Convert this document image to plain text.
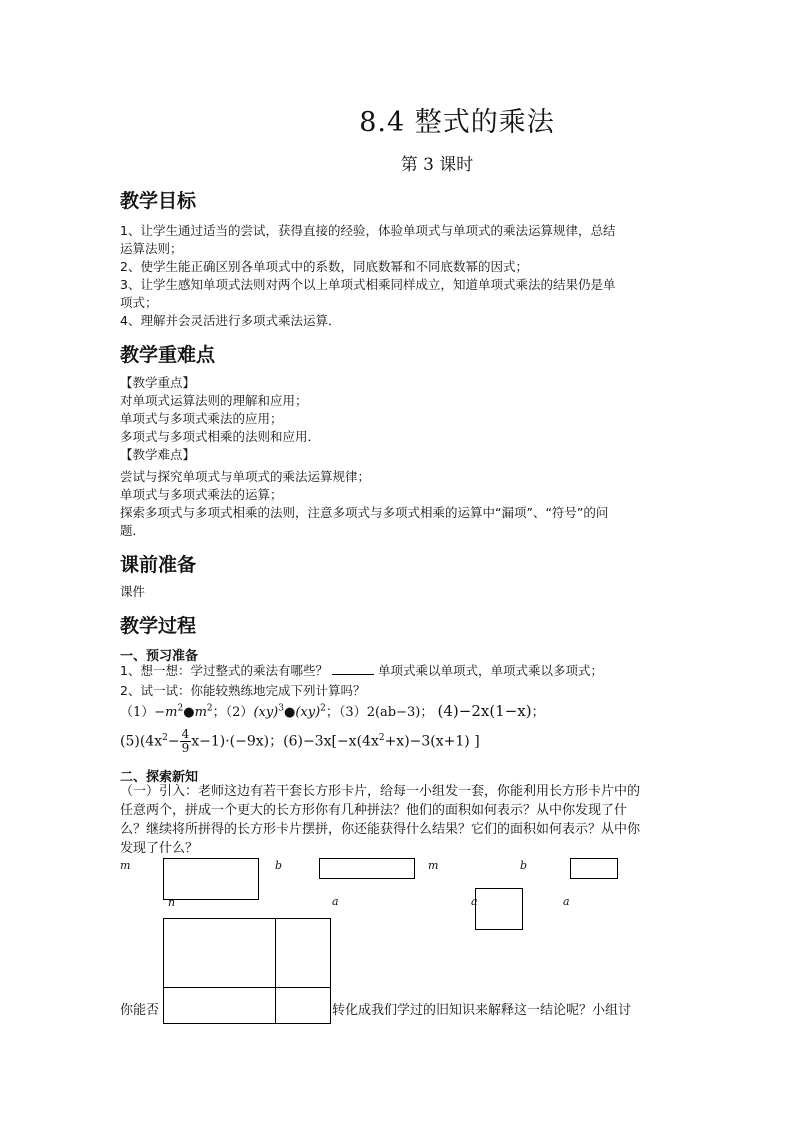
8.4 整式的乘法
第 3 课时
教学目标
1、让学生通过适当的尝试，获得直接的经验，体验单项式与单项式的乘法运算规律，总结
运算法则；
2、使学生能正确区别各单项式中的系数，同底数幂和不同底数幂的因式；
3、让学生感知单项式法则对两个以上单项式相乘同样成立，知道单项式乘法的结果仍是单
项式；
4、理解并会灵活进行多项式乘法运算．
教学重难点
【教学重点】
对单项式运算法则的理解和应用；
单项式与多项式乘法的应用；
多项式与多项式相乘的法则和应用．
【教学难点】
尝试与探究单项式与单项式的乘法运算规律；
单项式与多项式乘法的运算；
探索多项式与多项式相乘的法则，注意多项式与多项式相乘的运算中“漏项”、“符号”的问
题．
课前准备
课件
教学过程
一、预习准备
1、想一想：学过整式的乘法有哪些？	单项式乘以单项式，单项式乘以多项式；
2、试一试：你能较熟练地完成下列计算吗？
$(1)-m^2●m^2$；（2）(xy)$^3$●(xy)$^2$；（3）2(ab−3)； (4)−2x(1−x)；
$(5)(4x^2- \frac{4}{9} x-1)\cdot(-9x)$；$(6)-3x[-x(4x^2+x)-3(x+1)$ ]
二、探索新知
（一）引入：老师这边有若干套长方形卡片，给每一小组发一套，你能利用长方形卡片中的
任意两个，拼成一个更大的长方形你有几种拼法？他们的面积如何表示？从中你发现了什
么？继续将所拼得的长方形卡片摆拼，你还能获得什么结果？它们的面积如何表示？从中你
发现了什么？
m	b	m	b
n	a	a	a
你能否	转化成我们学过的旧知识来解释这一结论呢？小组讨
